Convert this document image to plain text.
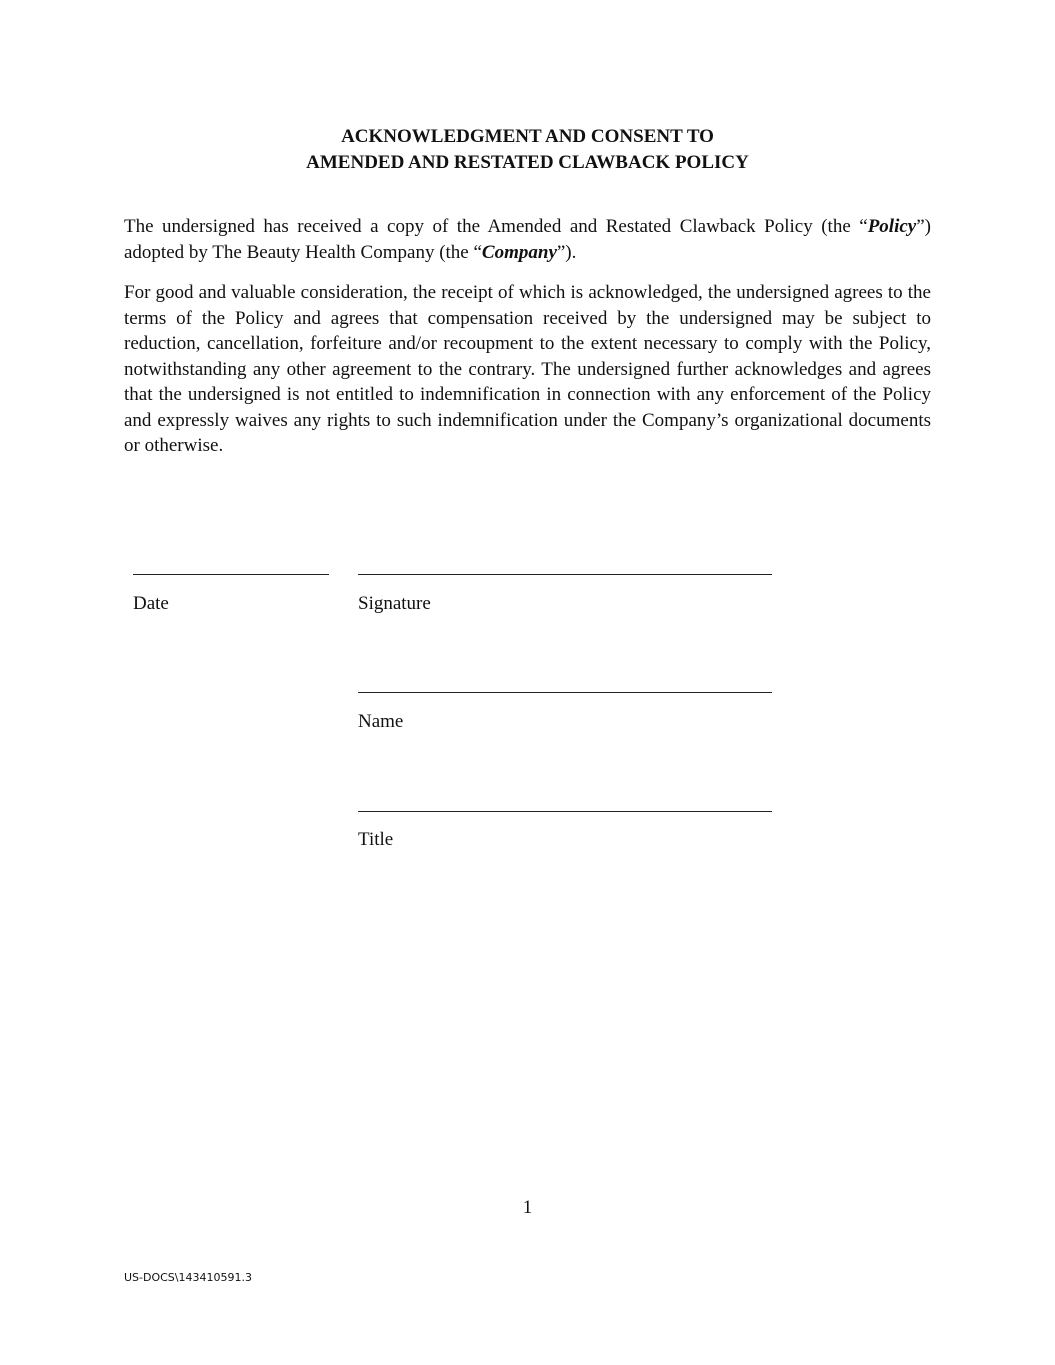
ACKNOWLEDGMENT AND CONSENT TO
AMENDED AND RESTATED CLAWBACK POLICY

The undersigned has received a copy of the Amended and Restated Clawback Policy (the “Policy”) adopted by The Beauty Health Company (the “Company”).

For good and valuable consideration, the receipt of which is acknowledged, the undersigned agrees to the terms of the Policy and agrees that compensation received by the undersigned may be subject to reduction, cancellation, forfeiture and/or recoupment to the extent necessary to comply with the Policy, notwithstanding any other agreement to the contrary. The undersigned further acknowledges and agrees that the undersigned is not entitled to indemnification in connection with any enforcement of the Policy and expressly waives any rights to such indemnification under the Company’s organizational documents or otherwise.

Date	Signature
Name
Title
1
US-DOCS\143410591.3
